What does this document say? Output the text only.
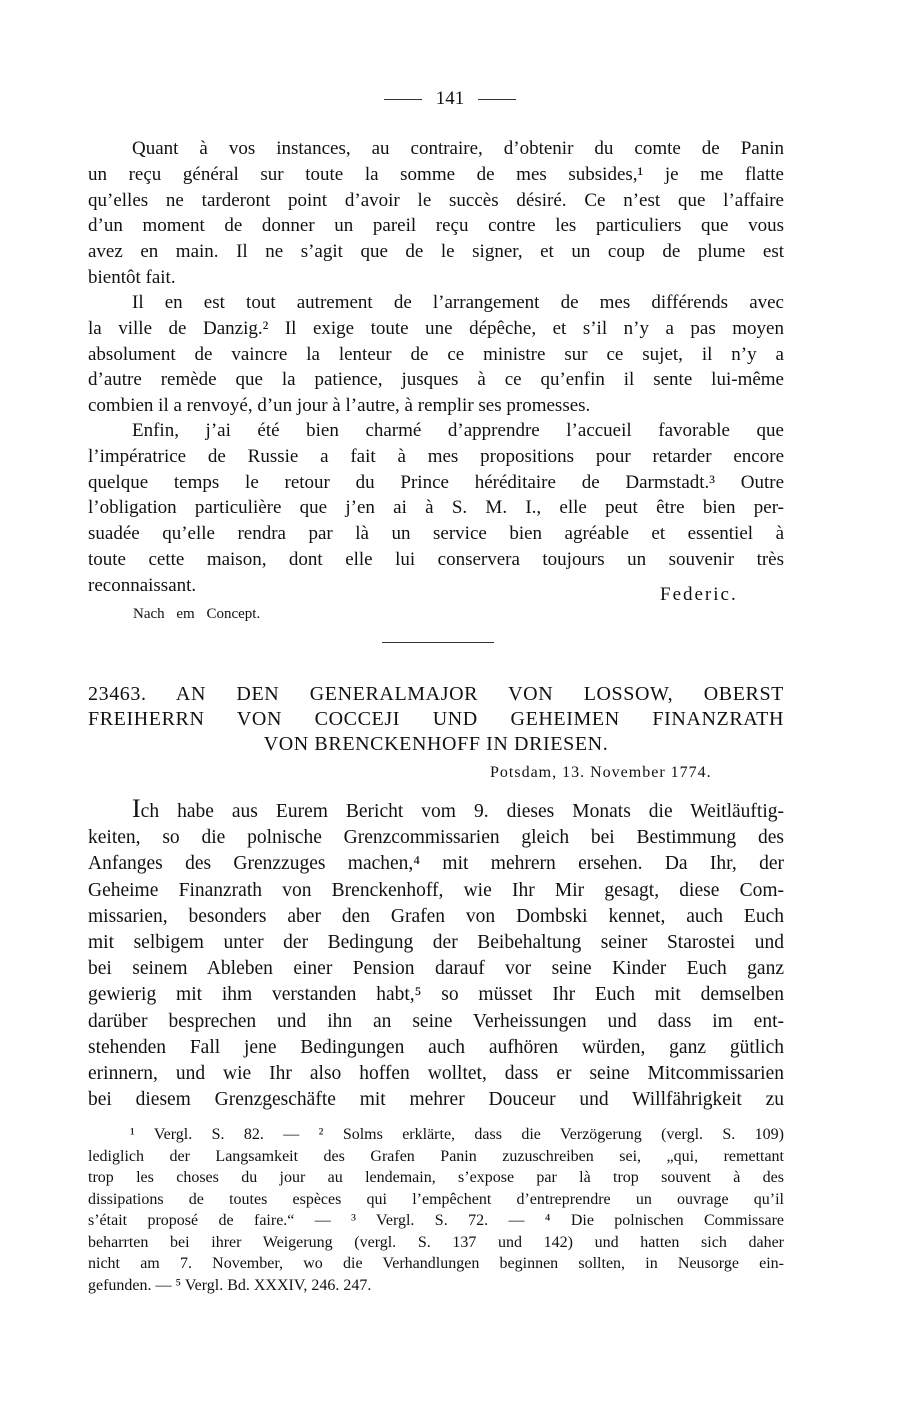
141
Quant à vos instances, au contraire, d’obtenir du comte de Panin
un reçu général sur toute la somme de mes subsides,¹ je me flatte
qu’elles ne tarderont point d’avoir le succès désiré. Ce n’est que l’affaire
d’un moment de donner un pareil reçu contre les particuliers que vous
avez en main. Il ne s’agit que de le signer, et un coup de plume est
bientôt fait.
Il en est tout autrement de l’arrangement de mes différends avec
la ville de Danzig.² Il exige toute une dépêche, et s’il n’y a pas moyen
absolument de vaincre la lenteur de ce ministre sur ce sujet, il n’y a
d’autre remède que la patience, jusques à ce qu’enfin il sente lui-même
combien il a renvoyé, d’un jour à l’autre, à remplir ses promesses.
Enfin, j’ai été bien charmé d’apprendre l’accueil favorable que
l’impératrice de Russie a fait à mes propositions pour retarder encore
quelque temps le retour du Prince héréditaire de Darmstadt.³ Outre
l’obligation particulière que j’en ai à S. M. I., elle peut être bien per-
suadée qu’elle rendra par là un service bien agréable et essentiel à
toute cette maison, dont elle lui conservera toujours un souvenir très
reconnaissant.	Federic.
Nach em Concept.
23463. AN DEN GENERALMAJOR VON LOSSOW, OBERST
FREIHERRN VON COCCEJI UND GEHEIMEN FINANZRATH
VON BRENCKENHOFF IN DRIESEN.
Potsdam, 13. November 1774.
Ich habe aus Eurem Bericht vom 9. dieses Monats die Weitläuftig-
keiten, so die polnische Grenzcommissarien gleich bei Bestimmung des
Anfanges des Grenzzuges machen,⁴ mit mehrern ersehen. Da Ihr, der
Geheime Finanzrath von Brenckenhoff, wie Ihr Mir gesagt, diese Com-
missarien, besonders aber den Grafen von Dombski kennet, auch Euch
mit selbigem unter der Bedingung der Beibehaltung seiner Starostei und
bei seinem Ableben einer Pension darauf vor seine Kinder Euch ganz
gewierig mit ihm verstanden habt,⁵ so müsset Ihr Euch mit demselben
darüber besprechen und ihn an seine Verheissungen und dass im ent-
stehenden Fall jene Bedingungen auch aufhören würden, ganz gütlich
erinnern, und wie Ihr also hoffen wolltet, dass er seine Mitcommissarien
bei diesem Grenzgeschäfte mit mehrer Douceur und Willfährigkeit zu
¹ Vergl. S. 82. — ² Solms erklärte, dass die Verzögerung (vergl. S. 109)
lediglich der Langsamkeit des Grafen Panin zuzuschreiben sei, „qui, remettant
trop les choses du jour au lendemain, s’expose par là trop souvent à des
dissipations de toutes espèces qui l’empêchent d’entreprendre un ouvrage qu’il
s’était proposé de faire.“ — ³ Vergl. S. 72. — ⁴ Die polnischen Commissare
beharrten bei ihrer Weigerung (vergl. S. 137 und 142) und hatten sich daher
nicht am 7. November, wo die Verhandlungen beginnen sollten, in Neusorge ein-
gefunden. — ⁵ Vergl. Bd. XXXIV, 246. 247.
